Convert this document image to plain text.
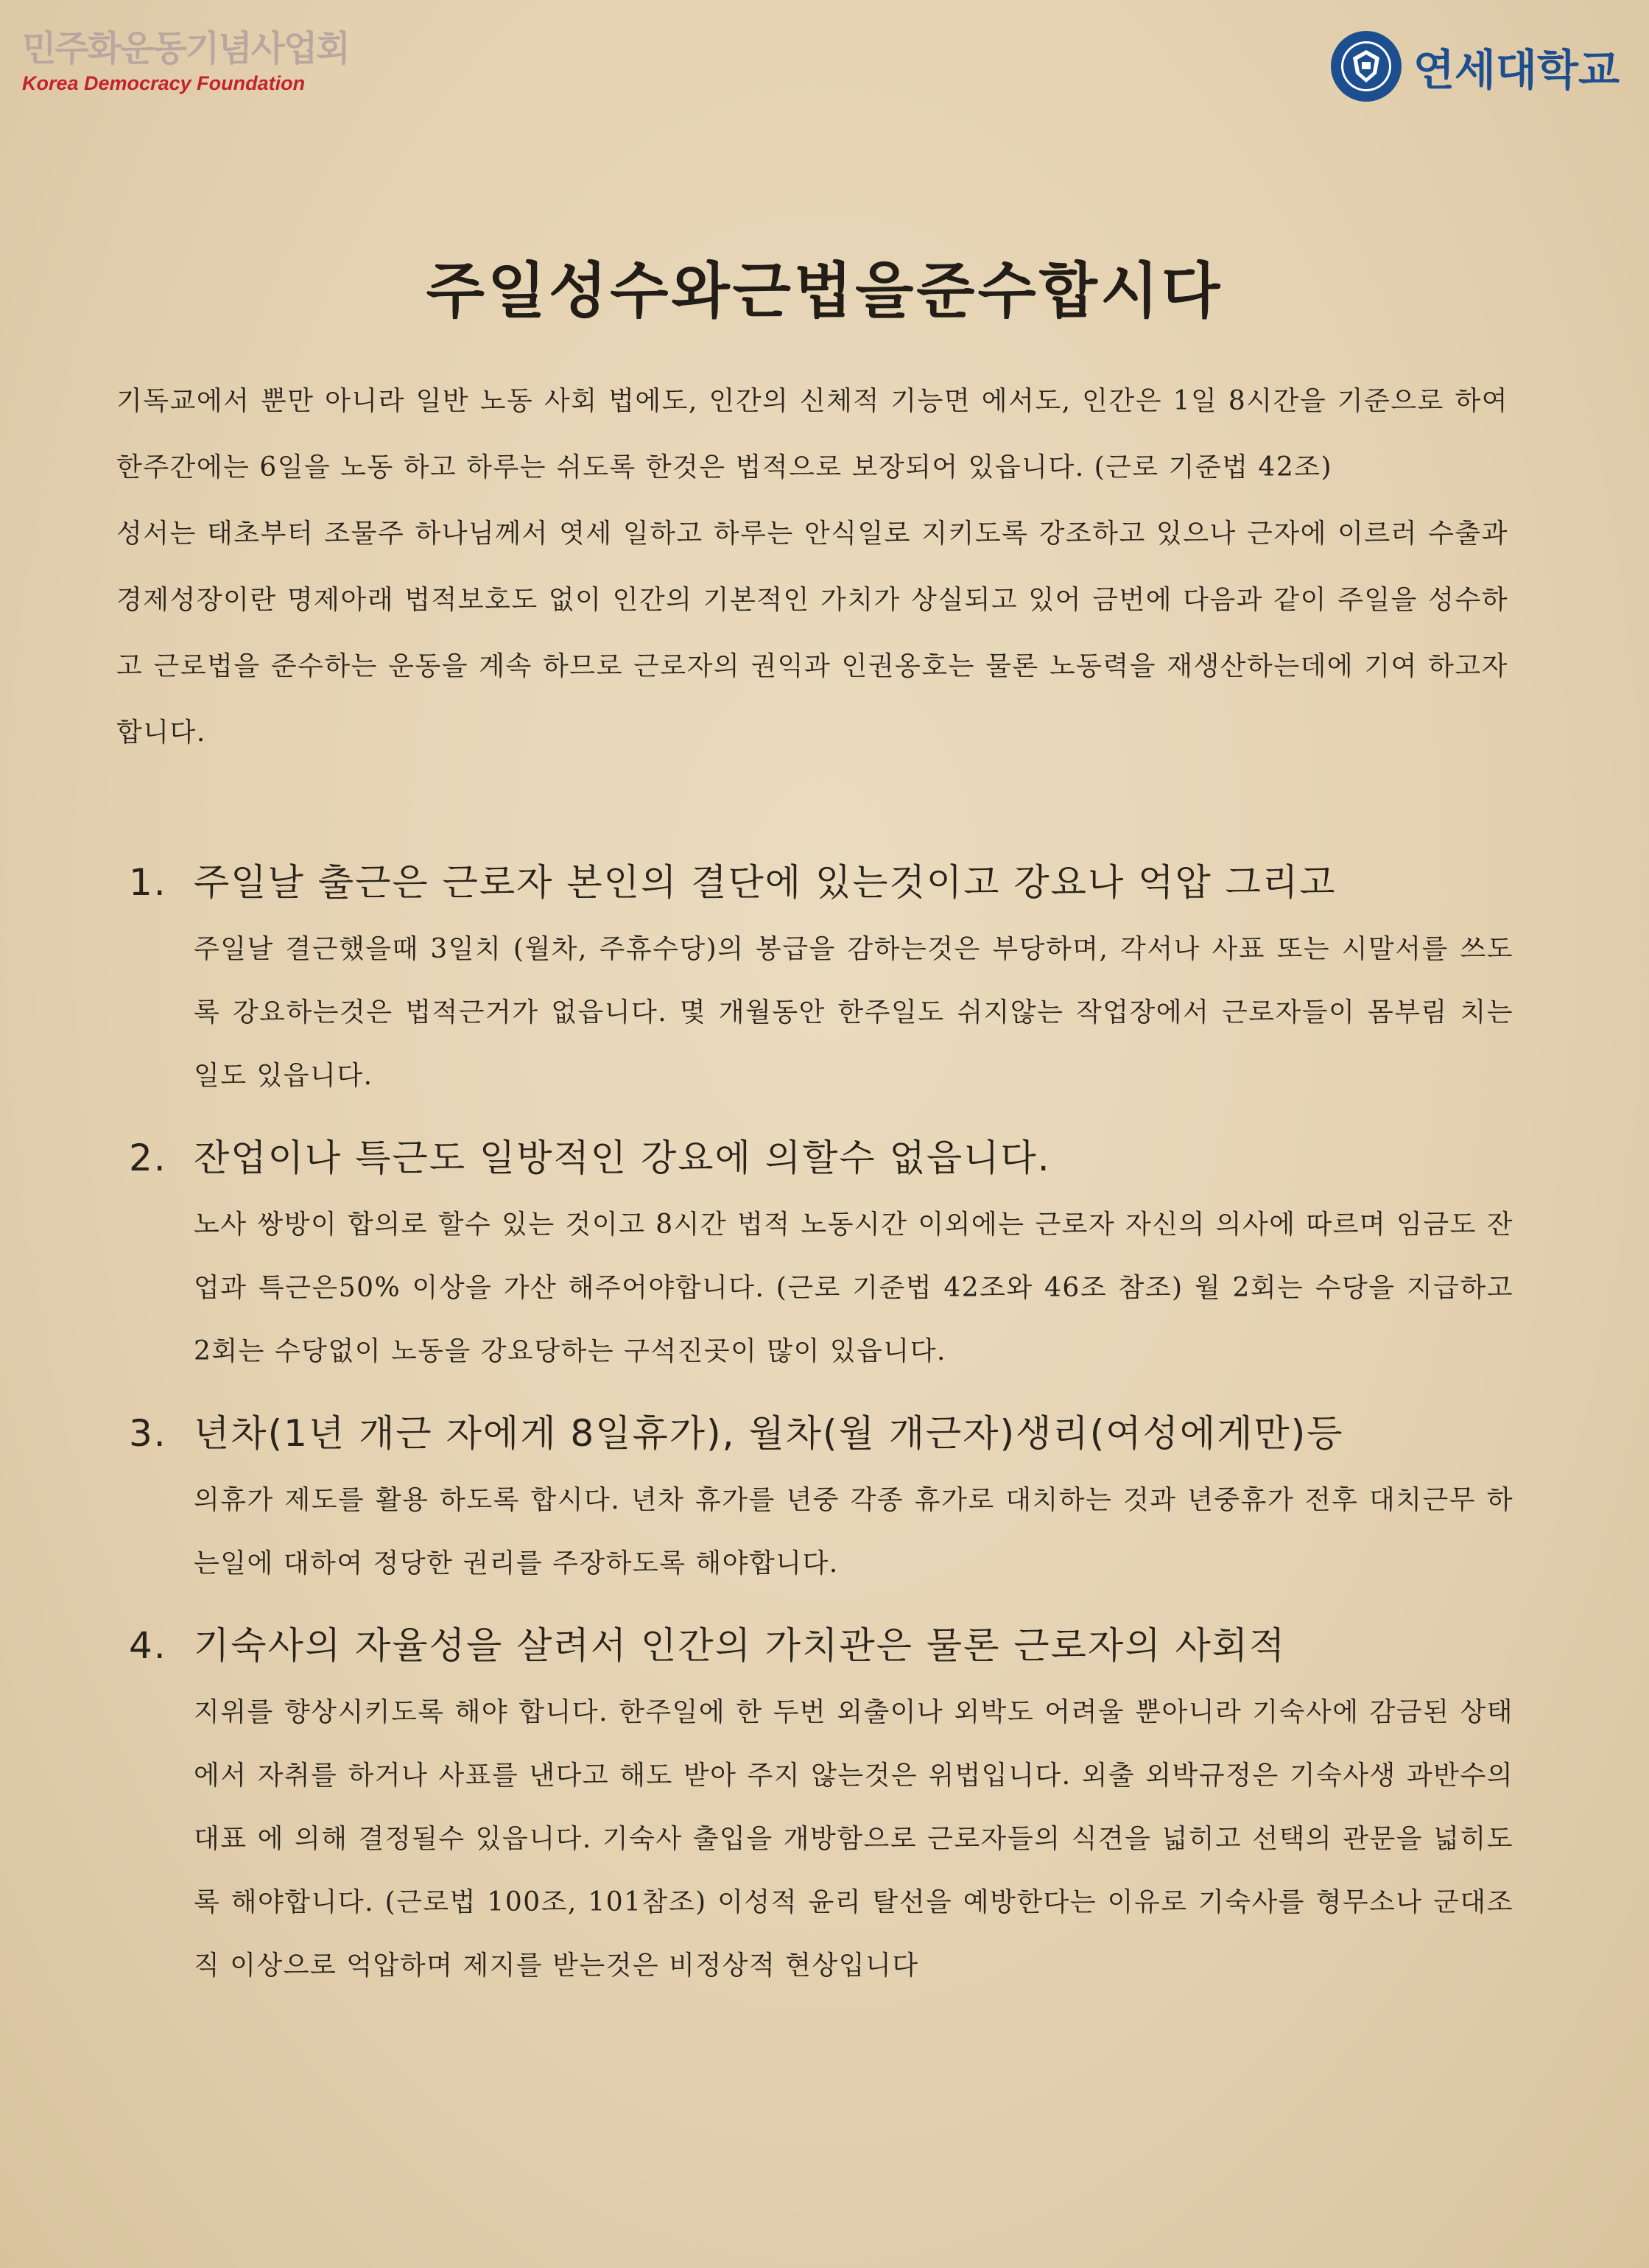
민주화운동기념사업회
Korea Democracy Foundation	연세대학교
주일성수와근법을준수합시다

기독교에서 뿐만 아니라 일반 노동 사회 법에도, 인간의 신체적 기능면 에서도, 인간은 1일 8시간을 기준으로 하여 한주간에는 6일을 노동 하고 하루는 쉬도록 한것은 법적으로 보장되어 있읍니다. (근로 기준법 42조)

성서는 태초부터 조물주 하나님께서 엿세 일하고 하루는 안식일로 지키도록 강조하고 있으나 근자에 이르러 수출과 경제성장이란 명제아래 법적보호도 없이 인간의 기본적인 가치가 상실되고 있어 금번에 다음과 같이 주일을 성수하고 근로법을 준수하는 운동을 계속 하므로 근로자의 권익과 인권옹호는 물론 노동력을 재생산하는데에 기여 하고자 합니다.

1. 주일날 출근은 근로자 본인의 결단에 있는것이고 강요나 억압 그리고

주일날 결근했을때 3일치 (월차, 주휴수당)의 봉급을 감하는것은 부당하며, 각서나 사표 또는 시말서를 쓰도록 강요하는것은 법적근거가 없읍니다. 몇 개월동안 한주일도 쉬지않는 작업장에서 근로자들이 몸부림 치는 일도 있읍니다.

2. 잔업이나 특근도 일방적인 강요에 의할수 없읍니다.

노사 쌍방이 합의로 할수 있는 것이고 8시간 법적 노동시간 이외에는 근로자 자신의 의사에 따르며 임금도 잔업과 특근은50% 이상을 가산 해주어야합니다. (근로 기준법 42조와 46조 참조) 월 2회는 수당을 지급하고 2회는 수당없이 노동을 강요당하는 구석진곳이 많이 있읍니다.

3. 년차(1년 개근 자에게 8일휴가), 월차(월 개근자)생리(여성에게만)등

의휴가 제도를 활용 하도록 합시다. 년차 휴가를 년중 각종 휴가로 대치하는 것과 년중휴가 전후 대치근무 하는일에 대하여 정당한 권리를 주장하도록 해야합니다.

4. 기숙사의 자율성을 살려서 인간의 가치관은 물론 근로자의 사회적

지위를 향상시키도록 해야 합니다. 한주일에 한 두번 외출이나 외박도 어려울 뿐아니라 기숙사에 감금된 상태에서 자취를 하거나 사표를 낸다고 해도 받아 주지 않는것은 위법입니다. 외출 외박규정은 기숙사생 과반수의 대표 에 의해 결정될수 있읍니다. 기숙사 출입을 개방함으로 근로자들의 식견을 넓히고 선택의 관문을 넓히도록 해야합니다. (근로법 100조, 101참조) 이성적 윤리 탈선을 예방한다는 이유로 기숙사를 형무소나 군대조직 이상으로 억압하며 제지를 받는것은 비정상적 현상입니다
